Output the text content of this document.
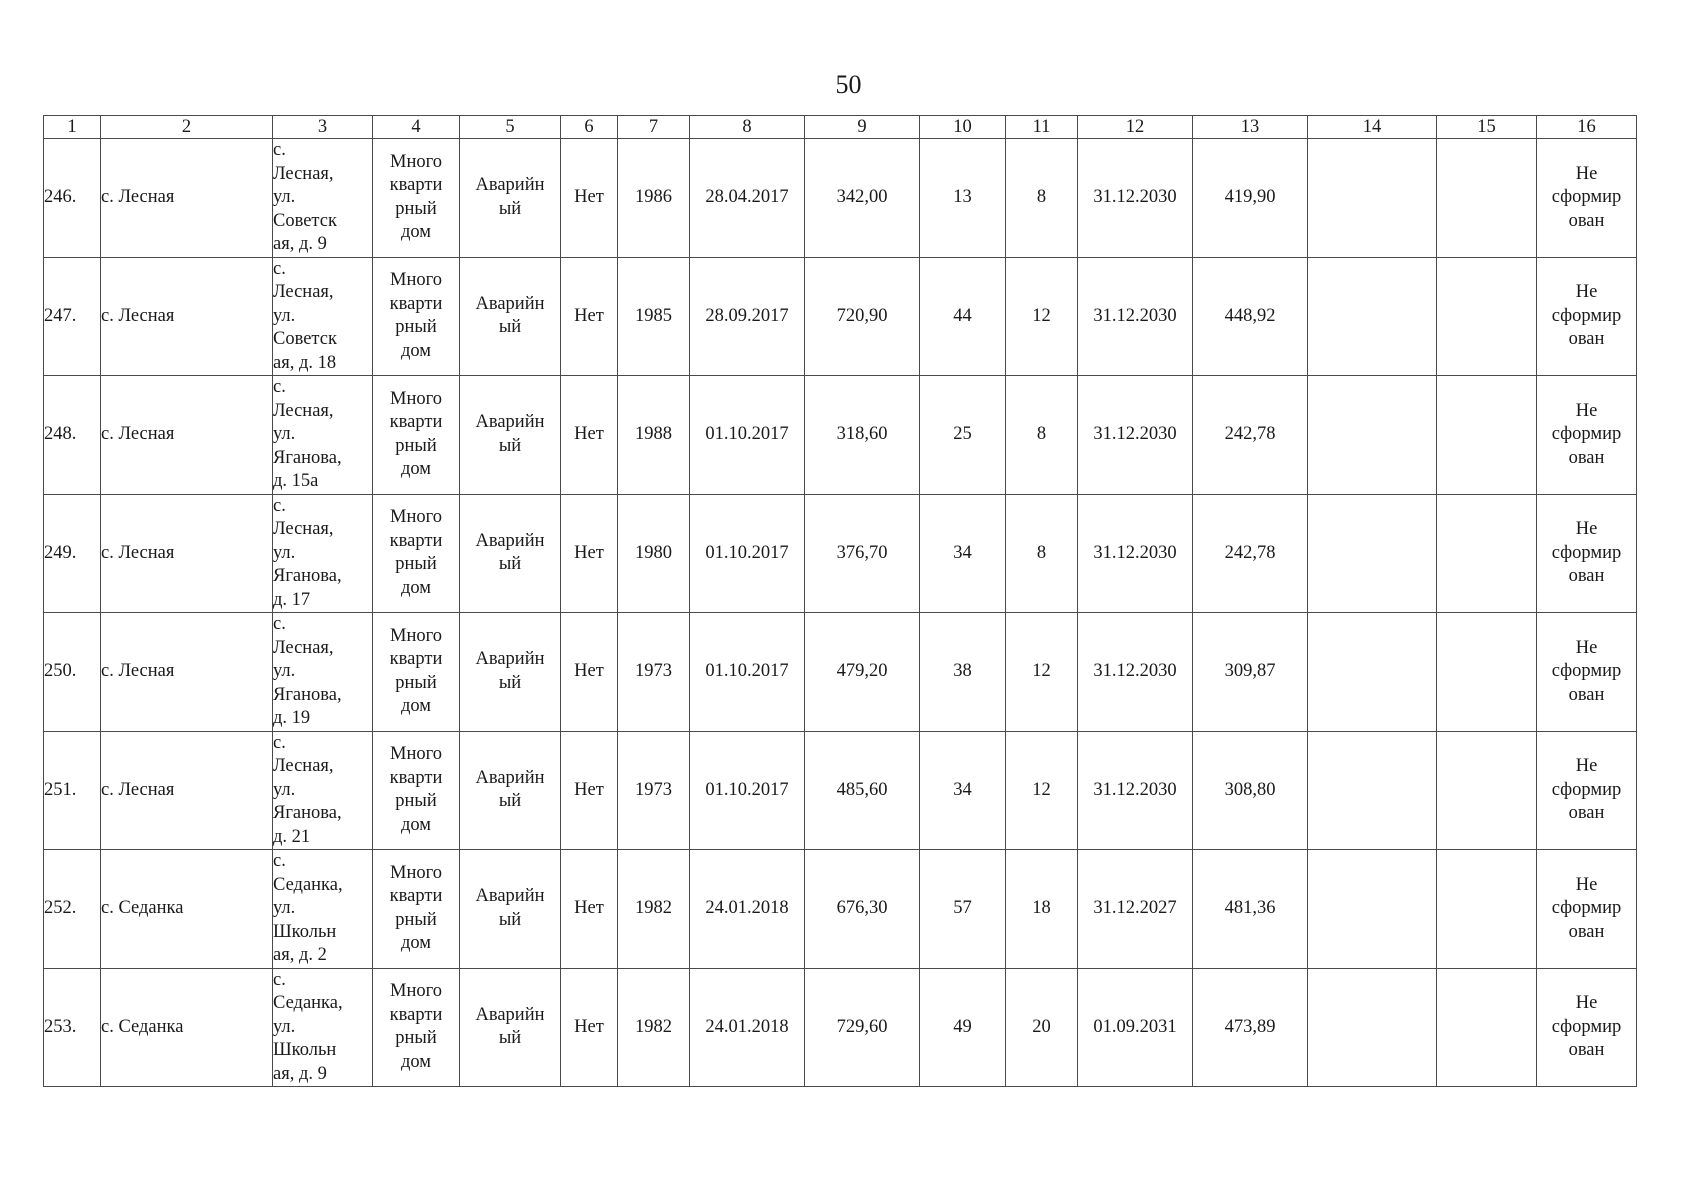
50
1	2	3	4	5	6	7	8	9	10	11	12	13	14	15	16
246.	с. Лесная	с.
Лесная,
ул.
Советск
ая, д. 9	Много
кварти
рный
дом	Аварийн
ый	Нет	1986	28.04.2017	342,00	13	8	31.12.2030	419,90			Не
сформир
ован
247.	с. Лесная	с.
Лесная,
ул.
Советск
ая, д. 18	Много
кварти
рный
дом	Аварийн
ый	Нет	1985	28.09.2017	720,90	44	12	31.12.2030	448,92			Не
сформир
ован
248.	с. Лесная	с.
Лесная,
ул.
Яганова,
д. 15а	Много
кварти
рный
дом	Аварийн
ый	Нет	1988	01.10.2017	318,60	25	8	31.12.2030	242,78			Не
сформир
ован
249.	с. Лесная	с.
Лесная,
ул.
Яганова,
д. 17	Много
кварти
рный
дом	Аварийн
ый	Нет	1980	01.10.2017	376,70	34	8	31.12.2030	242,78			Не
сформир
ован
250.	с. Лесная	с.
Лесная,
ул.
Яганова,
д. 19	Много
кварти
рный
дом	Аварийн
ый	Нет	1973	01.10.2017	479,20	38	12	31.12.2030	309,87			Не
сформир
ован
251.	с. Лесная	с.
Лесная,
ул.
Яганова,
д. 21	Много
кварти
рный
дом	Аварийн
ый	Нет	1973	01.10.2017	485,60	34	12	31.12.2030	308,80			Не
сформир
ован
252.	с. Седанка	с.
Седанка,
ул.
Школьн
ая, д. 2	Много
кварти
рный
дом	Аварийн
ый	Нет	1982	24.01.2018	676,30	57	18	31.12.2027	481,36			Не
сформир
ован
253.	с. Седанка	с.
Седанка,
ул.
Школьн
ая, д. 9	Много
кварти
рный
дом	Аварийн
ый	Нет	1982	24.01.2018	729,60	49	20	01.09.2031	473,89			Не
сформир
ован
